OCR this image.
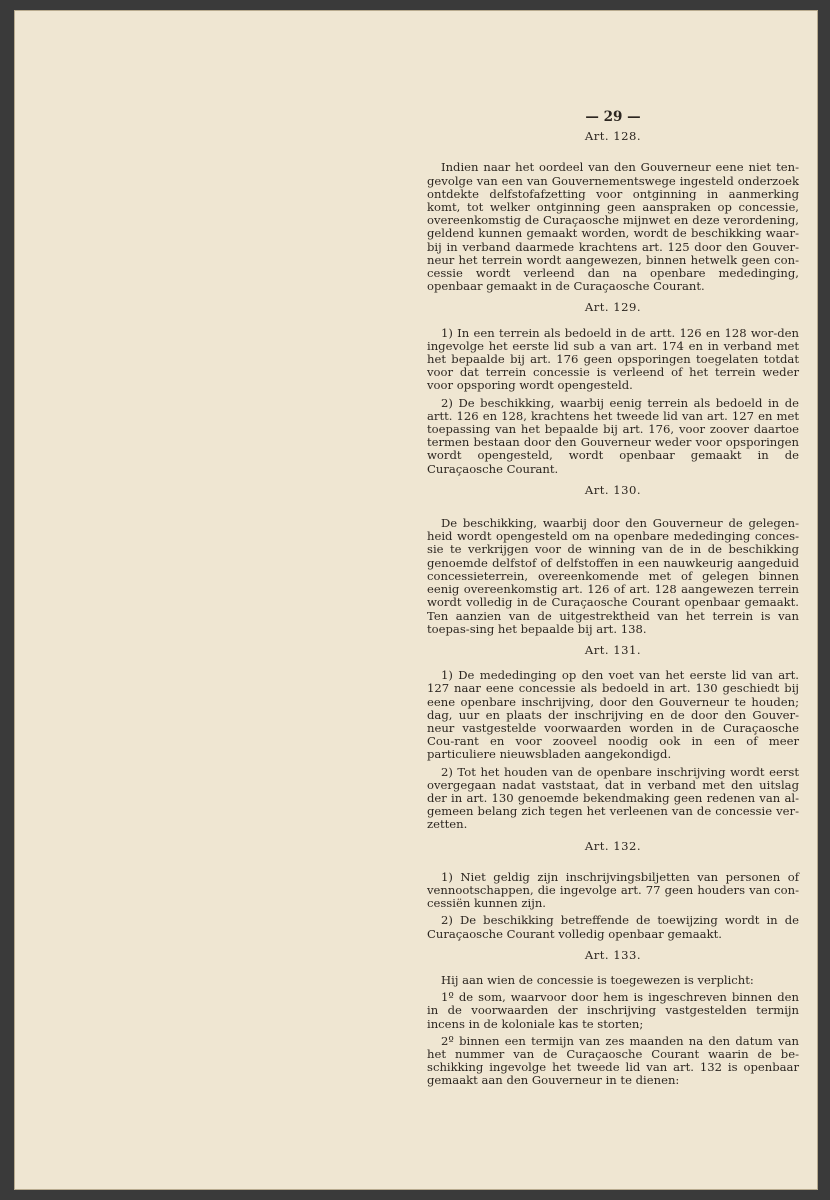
— 29 —
Art. 128.

Indien naar het oordeel van den Gouverneur eene niet ten-gevolge van een van Gouvernementswege ingesteld onderzoek ontdekte delfstofafzetting voor ontginning in aanmerking komt, tot welker ontginning geen aanspraken op concessie, overeenkomstig de Curaçaosche mijnwet en deze verordening, geldend kunnen gemaakt worden, wordt de beschikking waar-bij in verband daarmede krachtens art. 125 door den Gouver-neur het terrein wordt aangewezen, binnen hetwelk geen con-cessie wordt verleend dan na openbare mededinging, openbaar gemaakt in de Curaçaosche Courant.

Art. 129.

1) In een terrein als bedoeld in de artt. 126 en 128 wor-den ingevolge het eerste lid sub a van art. 174 en in verband met het bepaalde bij art. 176 geen opsporingen toegelaten totdat voor dat terrein concessie is verleend of het terrein weder voor opsporing wordt opengesteld.

2) De beschikking, waarbij eenig terrein als bedoeld in de artt. 126 en 128, krachtens het tweede lid van art. 127 en met toepassing van het bepaalde bij art. 176, voor zoover daartoe termen bestaan door den Gouverneur weder voor opsporingen wordt opengesteld, wordt openbaar gemaakt in de Curaçaosche Courant.

Art. 130.

De beschikking, waarbij door den Gouverneur de gelegen-heid wordt opengesteld om na openbare mededinging conces-sie te verkrijgen voor de winning van de in de beschikking genoemde delfstof of delfstoffen in een nauwkeurig aangeduid concessieterrein, overeenkomende met of gelegen binnen eenig overeenkomstig art. 126 of art. 128 aangewezen terrein wordt volledig in de Curaçaosche Courant openbaar gemaakt. Ten aanzien van de uitgestrektheid van het terrein is van toepas-sing het bepaalde bij art. 138.

Art. 131.

1) De mededinging op den voet van het eerste lid van art. 127 naar eene concessie als bedoeld in art. 130 geschiedt bij eene openbare inschrijving, door den Gouverneur te houden; dag, uur en plaats der inschrijving en de door den Gouver-neur vastgestelde voorwaarden worden in de Curaçaosche Cou-rant en voor zooveel noodig ook in een of meer particuliere nieuwsbladen aangekondigd.

2) Tot het houden van de openbare inschrijving wordt eerst overgegaan nadat vaststaat, dat in verband met den uitslag der in art. 130 genoemde bekendmaking geen redenen van al-gemeen belang zich tegen het verleenen van de concessie ver-zetten.

Art. 132.

1) Niet geldig zijn inschrijvingsbiljetten van personen of vennootschappen, die ingevolge art. 77 geen houders van con-cessiën kunnen zijn.

2) De beschikking betreffende de toewijzing wordt in de Curaçaosche Courant volledig openbaar gemaakt.

Art. 133.

Hij aan wien de concessie is toegewezen is verplicht:

1º de som, waarvoor door hem is ingeschreven binnen den in de voorwaarden der inschrijving vastgestelden termijn incens in de koloniale kas te storten;

2º binnen een termijn van zes maanden na den datum van het nummer van de Curaçaosche Courant waarin de be-schikking ingevolge het tweede lid van art. 132 is openbaar gemaakt aan den Gouverneur in te dienen:
